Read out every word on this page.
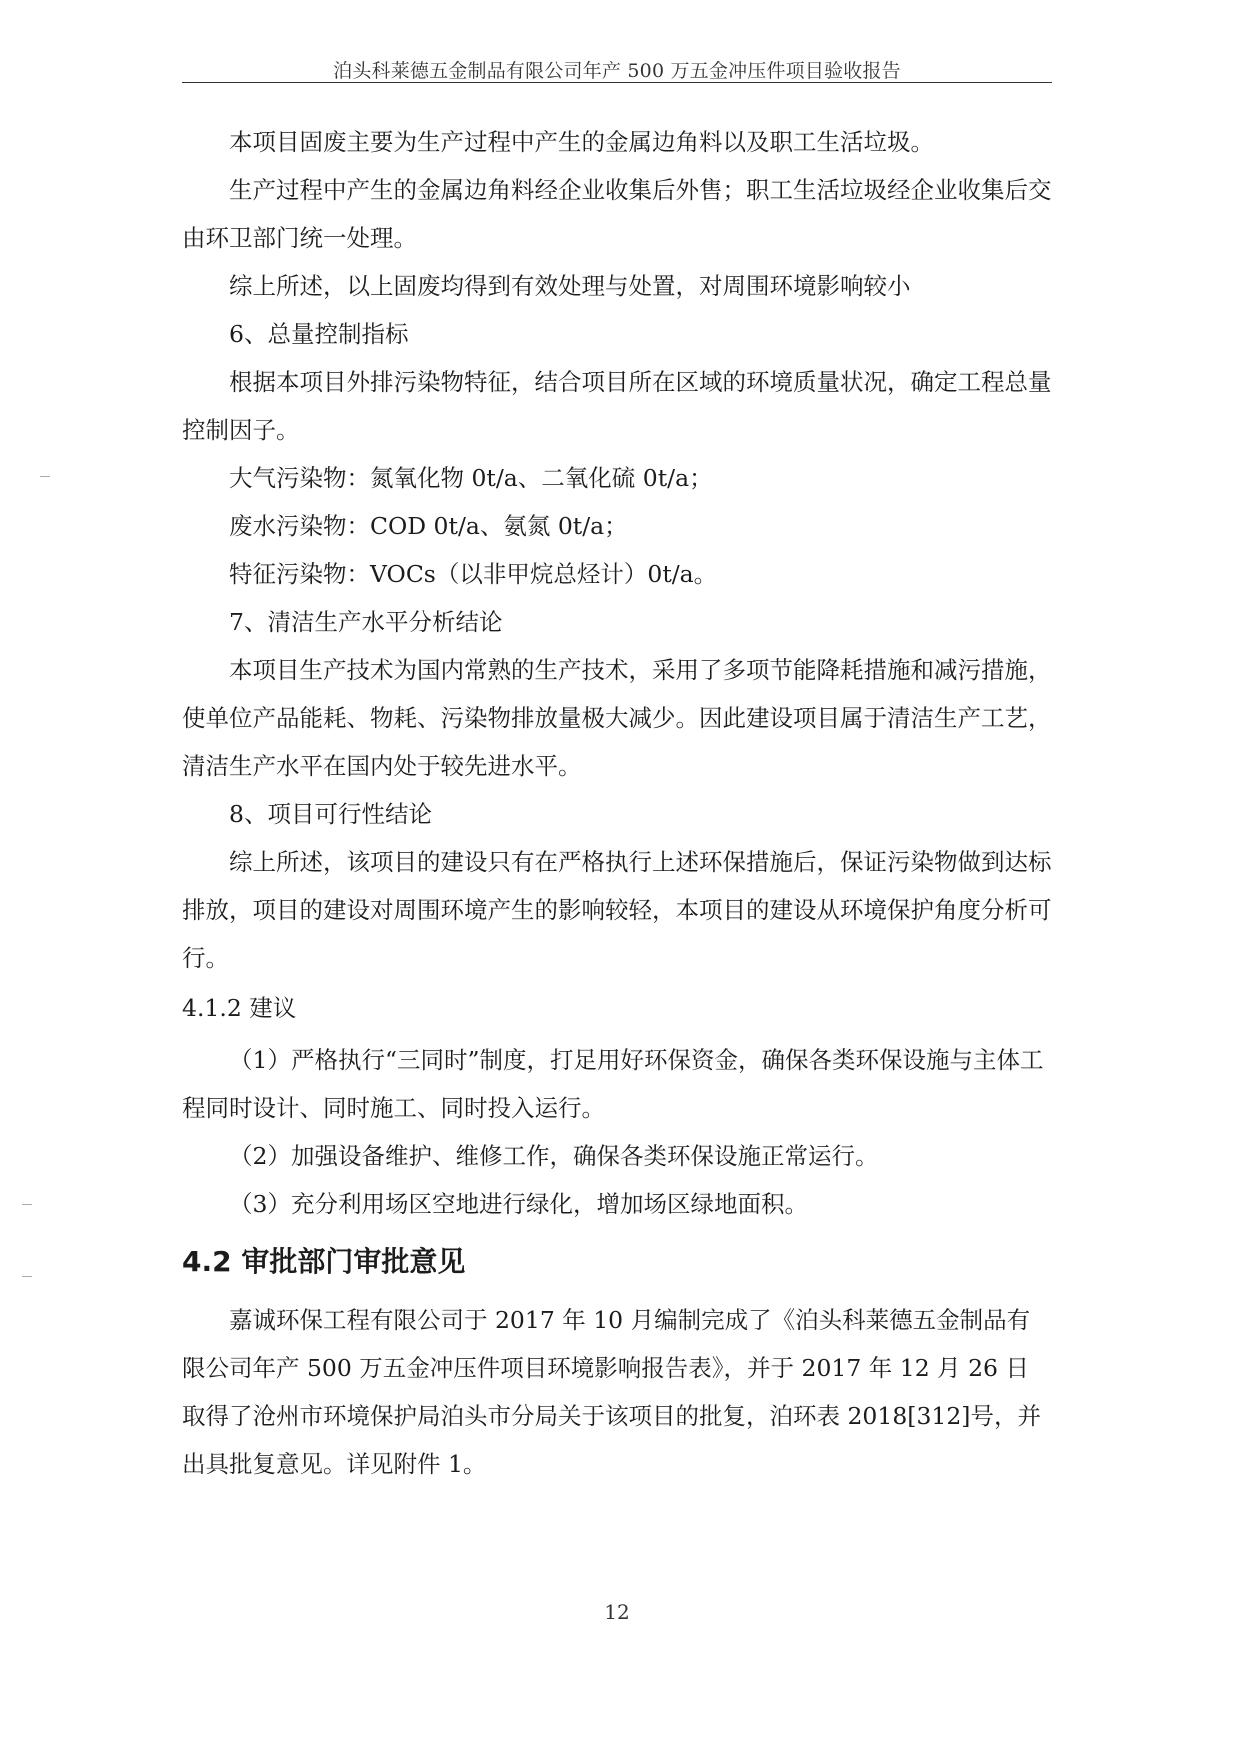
泊头科莱德五金制品有限公司年产 500 万五金冲压件项目验收报告

本项目固废主要为生产过程中产生的金属边角料以及职工生活垃圾。

生产过程中产生的金属边角料经企业收集后外售；职工生活垃圾经企业收集后交由环卫部门统一处理。

综上所述，以上固废均得到有效处理与处置，对周围环境影响较小

6、总量控制指标

根据本项目外排污染物特征，结合项目所在区域的环境质量状况，确定工程总量控制因子。

大气污染物：氮氧化物 0t/a、二氧化硫 0t/a；

废水污染物：COD 0t/a、氨氮 0t/a；

特征污染物：VOCs（以非甲烷总烃计）0t/a。

7、清洁生产水平分析结论

本项目生产技术为国内常熟的生产技术，采用了多项节能降耗措施和减污措施，使单位产品能耗、物耗、污染物排放量极大减少。因此建设项目属于清洁生产工艺，清洁生产水平在国内处于较先进水平。

8、项目可行性结论

综上所述，该项目的建设只有在严格执行上述环保措施后，保证污染物做到达标排放，项目的建设对周围环境产生的影响较轻，本项目的建设从环境保护角度分析可行。

4.1.2 建议

（1）严格执行“三同时”制度，打足用好环保资金，确保各类环保设施与主体工程同时设计、同时施工、同时投入运行。

（2）加强设备维护、维修工作，确保各类环保设施正常运行。

（3）充分利用场区空地进行绿化，增加场区绿地面积。

4.2 审批部门审批意见

嘉诚环保工程有限公司于 2017 年 10 月编制完成了《泊头科莱德五金制品有限公司年产 500 万五金冲压件项目环境影响报告表》，并于 2017 年 12 月 26 日取得了沧州市环境保护局泊头市分局关于该项目的批复，泊环表 2018[312]号，并出具批复意见。详见附件 1。

12
